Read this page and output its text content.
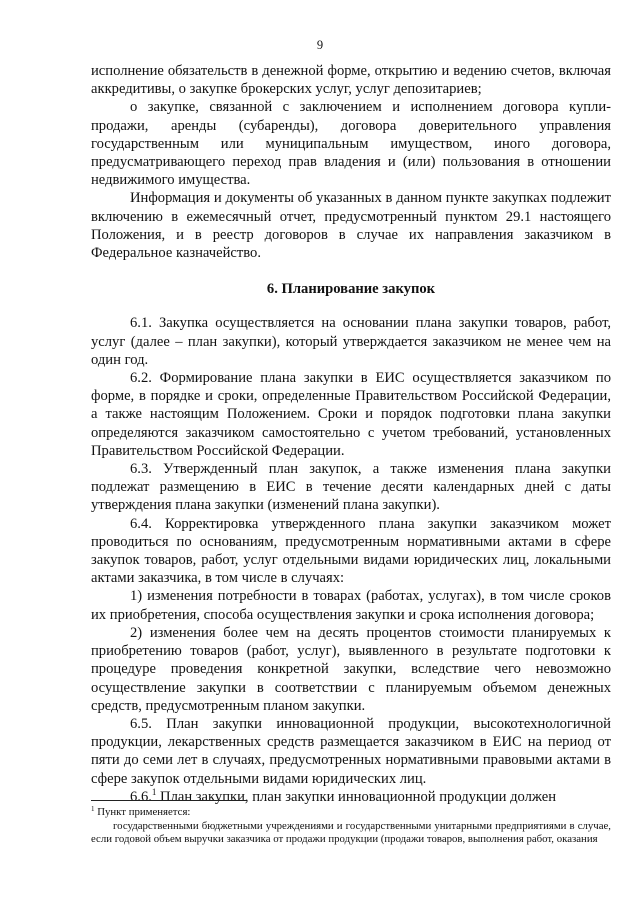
9

исполнение обязательств в денежной форме, открытию и ведению счетов, включая аккредитивы, о закупке брокерских услуг, услуг депозитариев;

о закупке, связанной с заключением и исполнением договора купли-продажи, аренды (субаренды), договора доверительного управления государственным или муниципальным имуществом, иного договора, предусматривающего переход прав владения и (или) пользования в отношении недвижимого имущества.

Информация и документы об указанных в данном пункте закупках подлежит включению в ежемесячный отчет, предусмотренный пунктом 29.1 настоящего Положения, и в реестр договоров в случае их направления заказчиком в Федеральное казначейство.

6. Планирование закупок

6.1. Закупка осуществляется на основании плана закупки товаров, работ, услуг (далее – план закупки), который утверждается заказчиком не менее чем на один год.

6.2. Формирование плана закупки в ЕИС осуществляется заказчиком по форме, в порядке и сроки, определенные Правительством Российской Федерации, а также настоящим Положением. Сроки и порядок подготовки плана закупки определяются заказчиком самостоятельно с учетом требований, установленных Правительством Российской Федерации.

6.3. Утвержденный план закупок, а также изменения плана закупки подлежат размещению в ЕИС в течение десяти календарных дней с даты утверждения плана закупки (изменений плана закупки).

6.4. Корректировка утвержденного плана закупки заказчиком может проводиться по основаниям, предусмотренным нормативными актами в сфере закупок товаров, работ, услуг отдельными видами юридических лиц, локальными актами заказчика, в том числе в случаях:

1) изменения потребности в товарах (работах, услугах), в том числе сроков их приобретения, способа осуществления закупки и срока исполнения договора;

2) изменения более чем на десять процентов стоимости планируемых к приобретению товаров (работ, услуг), выявленного в результате подготовки к процедуре проведения конкретной закупки, вследствие чего невозможно осуществление закупки в соответствии с планируемым объемом денежных средств, предусмотренным планом закупки.

6.5. План закупки инновационной продукции, высокотехнологичной продукции, лекарственных средств размещается заказчиком в ЕИС на период от пяти до семи лет в случаях, предусмотренных нормативными правовыми актами в сфере закупок отдельными видами юридических лиц.

6.6.$^1$ План закупки, план закупки инновационной продукции должен

$^1$ Пункт применяется:

государственными бюджетными учреждениями и государственными унитарными предприятиями в случае, если годовой объем выручки заказчика от продажи продукции (продажи товаров, выполнения работ, оказания
